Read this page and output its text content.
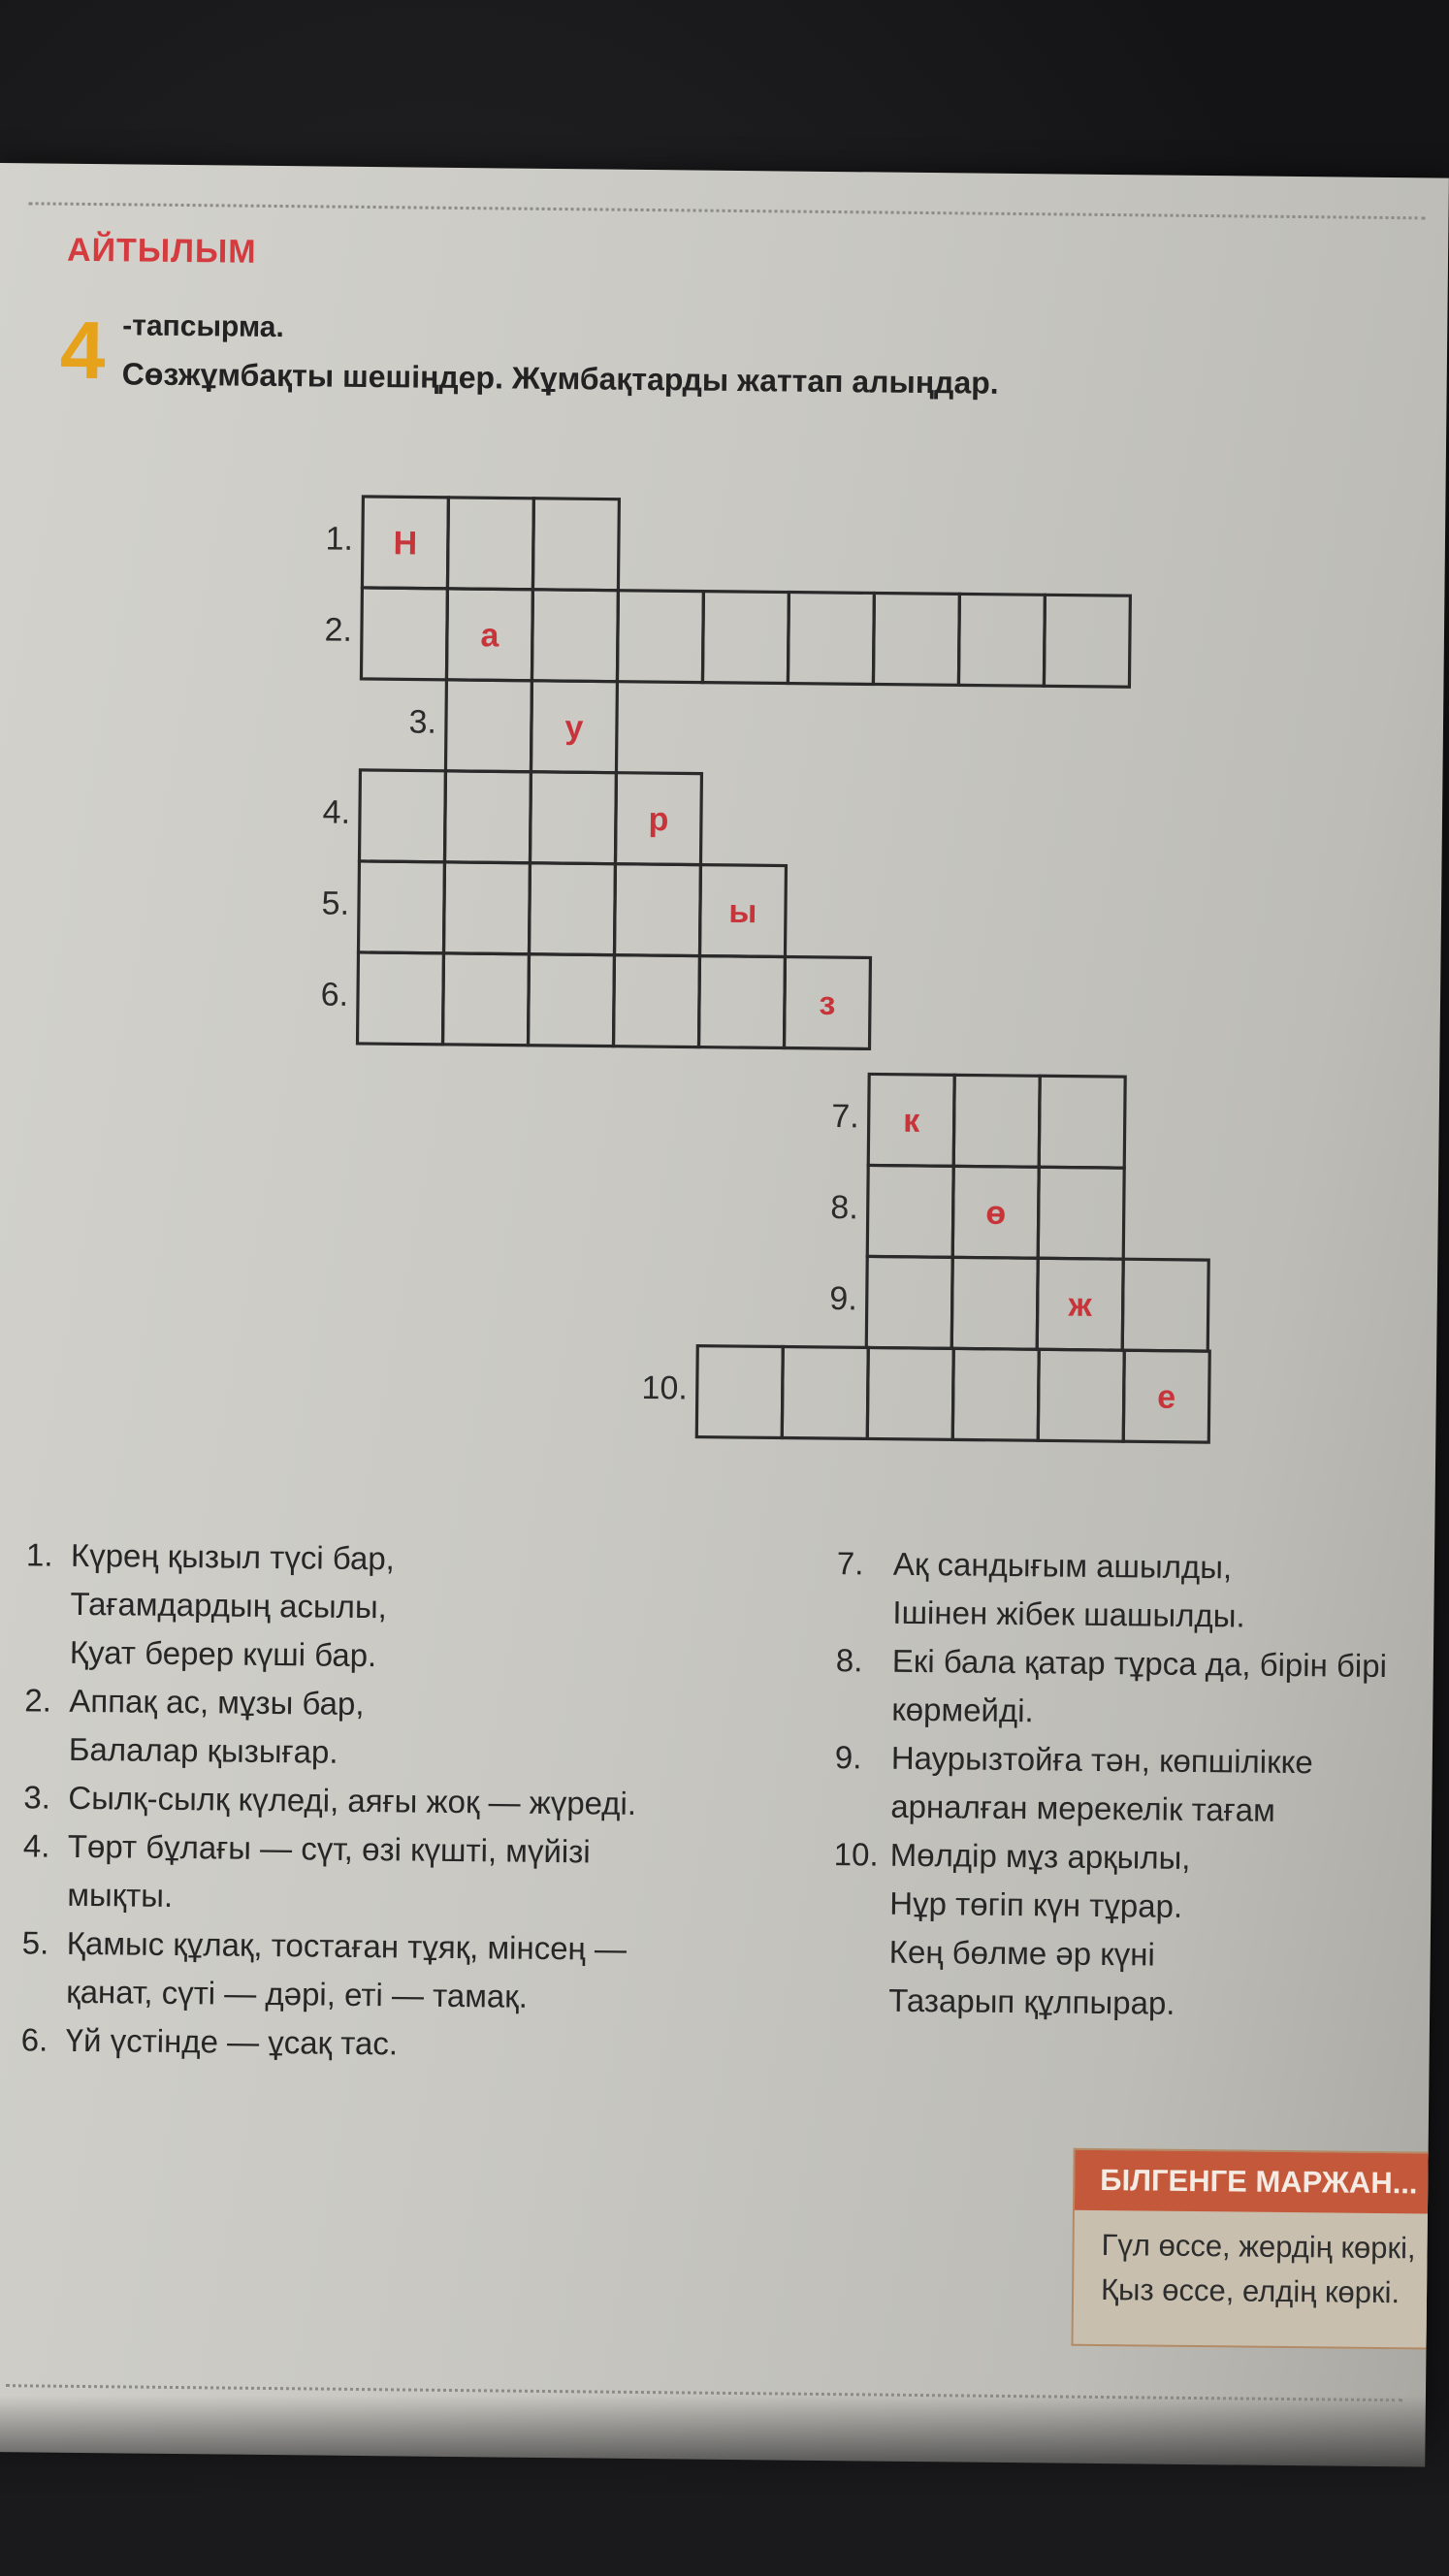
АЙТЫЛЫМ
4 -тапсырма.
Сөзжұмбақты шешіңдер. Жұмбақтарды жаттап алыңдар.
1. Н
2.	а
3.	у
4.	р
5.	ы
6.	з
7. к
8.	ө
9.	ж
10.	е
1. Күрең қызыл түсі бар,
Тағамдардың асылы,
Қуат берер күші бар.
2. Аппақ ас, мұзы бар,
Балалар қызығар.
3. Сылқ-сылқ күледі, аяғы жоқ — жүреді.
4. Төрт бұлағы — сүт, өзі күшті, мүйізі
мықты.
5. Қамыс құлақ, тостаған тұяқ, мінсең —
қанат, сүті — дәрі, еті — тамақ.
6. Үй үстінде — ұсақ тас.
7. Ақ сандығым ашылды,
Ішінен жібек шашылды.
8. Екі бала қатар тұрса да, бірін бірі
көрмейді.
9. Наурызтойға тән, көпшілікке
арналған мерекелік тағам
10. Мөлдір мұз арқылы,
Нұр төгіп күн тұрар.
Кең бөлме әр күні
Тазарып құлпырар.
БІЛГЕНГЕ МАРЖАН...
Гүл өссе, жердің көркі,
Қыз өссе, елдің көркі.
